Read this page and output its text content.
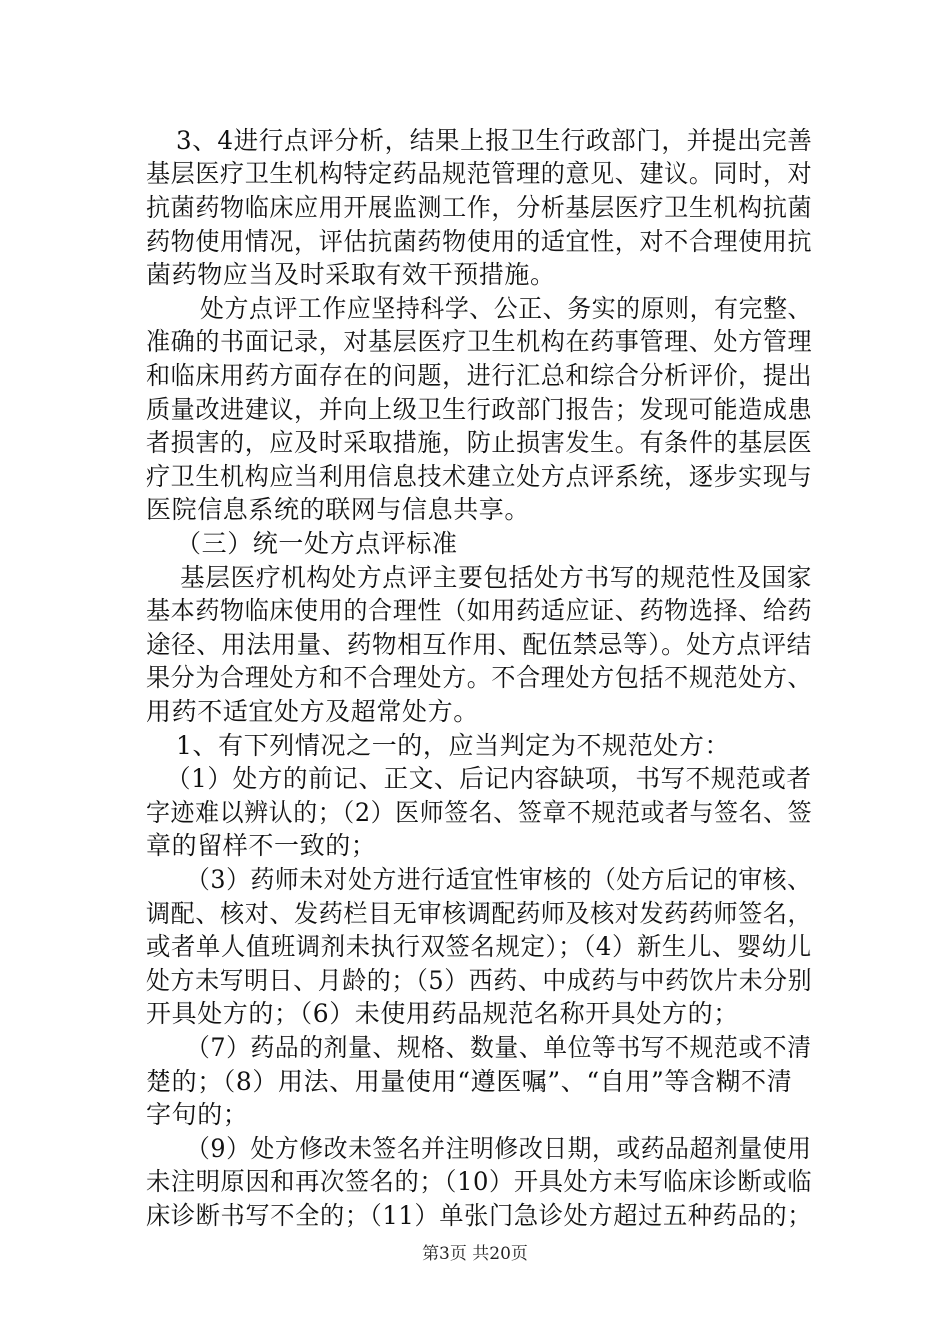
3、4进行点评分析，结果上报卫生行政部门，并提出完善
基层医疗卫生机构特定药品规范管理的意见、建议。同时，对
抗菌药物临床应用开展监测工作，分析基层医疗卫生机构抗菌
药物使用情况，评估抗菌药物使用的适宜性，对不合理使用抗
菌药物应当及时采取有效干预措施。
处方点评工作应坚持科学、公正、务实的原则，有完整、
准确的书面记录，对基层医疗卫生机构在药事管理、处方管理
和临床用药方面存在的问题，进行汇总和综合分析评价，提出
质量改进建议，并向上级卫生行政部门报告；发现可能造成患
者损害的，应及时采取措施，防止损害发生。有条件的基层医
疗卫生机构应当利用信息技术建立处方点评系统，逐步实现与
医院信息系统的联网与信息共享。
（三）统一处方点评标准
基层医疗机构处方点评主要包括处方书写的规范性及国家
基本药物临床使用的合理性（如用药适应证、药物选择、给药
途径、用法用量、药物相互作用、配伍禁忌等）。处方点评结
果分为合理处方和不合理处方。不合理处方包括不规范处方、
用药不适宜处方及超常处方。
1、有下列情况之一的，应当判定为不规范处方：
（1）处方的前记、正文、后记内容缺项，书写不规范或者
字迹难以辨认的；（2）医师签名、签章不规范或者与签名、签
章的留样不一致的；
（3）药师未对处方进行适宜性审核的（处方后记的审核、
调配、核对、发药栏目无审核调配药师及核对发药药师签名，
或者单人值班调剂未执行双签名规定）；（4）新生儿、婴幼儿
处方未写明日、月龄的；（5）西药、中成药与中药饮片未分别
开具处方的；（6）未使用药品规范名称开具处方的；
（7）药品的剂量、规格、数量、单位等书写不规范或不清
楚的；（8）用法、用量使用“遵医嘱”、“自用”等含糊不清
字句的；
（9）处方修改未签名并注明修改日期，或药品超剂量使用
未注明原因和再次签名的；（10）开具处方未写临床诊断或临
床诊断书写不全的；（11）单张门急诊处方超过五种药品的；
第3页 共20页
